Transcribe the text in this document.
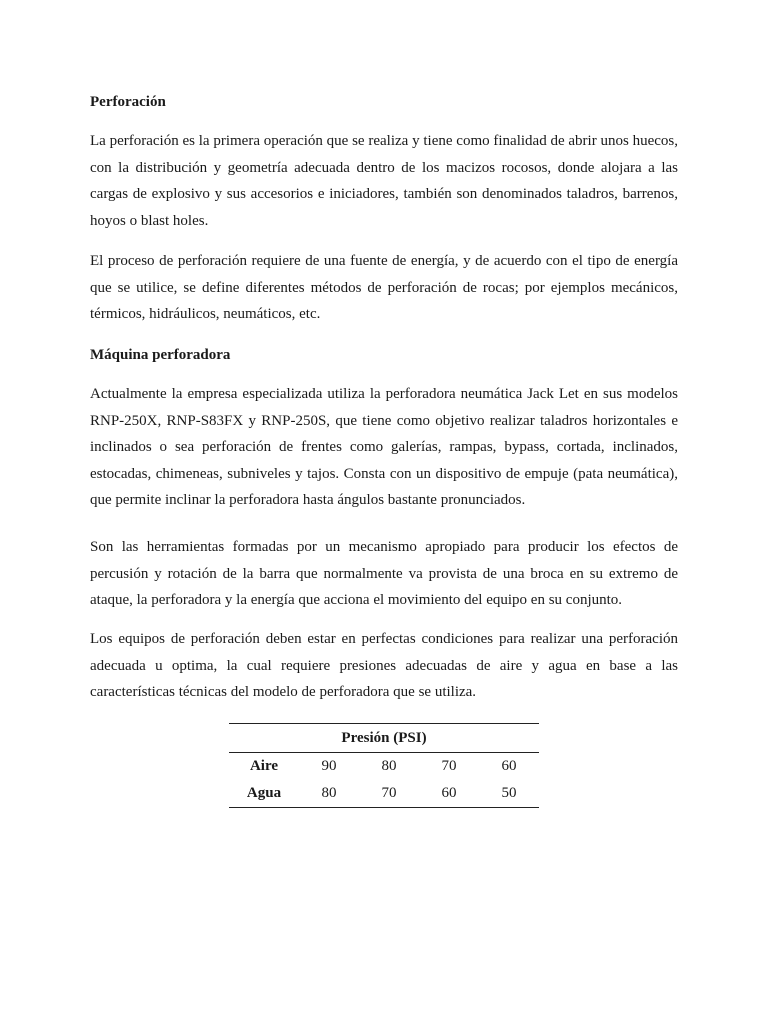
Perforación

La perforación es la primera operación que se realiza y tiene como finalidad de abrir unos huecos, con la distribución y geometría adecuada dentro de los macizos rocosos, donde alojara a las cargas de explosivo y sus accesorios e iniciadores, también son denominados taladros, barrenos, hoyos o blast holes.

El proceso de perforación requiere de una fuente de energía, y de acuerdo con el tipo de energía que se utilice, se define diferentes métodos de perforación de rocas; por ejemplos mecánicos, térmicos, hidráulicos, neumáticos, etc.

Máquina perforadora

Actualmente la empresa especializada utiliza la perforadora neumática Jack Let en sus modelos RNP-250X, RNP-S83FX y RNP-250S, que tiene como objetivo realizar taladros horizontales e inclinados o sea perforación de frentes como galerías, rampas, bypass, cortada, inclinados, estocadas, chimeneas, subniveles y tajos. Consta con un dispositivo de empuje (pata neumática), que permite inclinar la perforadora hasta ángulos bastante pronunciados.

Son las herramientas formadas por un mecanismo apropiado para producir los efectos de percusión y rotación de la barra que normalmente va provista de una broca en su extremo de ataque, la perforadora y la energía que acciona el movimiento del equipo en su conjunto.

Los equipos de perforación deben estar en perfectas condiciones para realizar una perforación adecuada u optima, la cual requiere presiones adecuadas de aire y agua en base a las características técnicas del modelo de perforadora que se utiliza.

Presión (PSI)				
Aire	90	80	70	60
Agua	80	70	60	50
